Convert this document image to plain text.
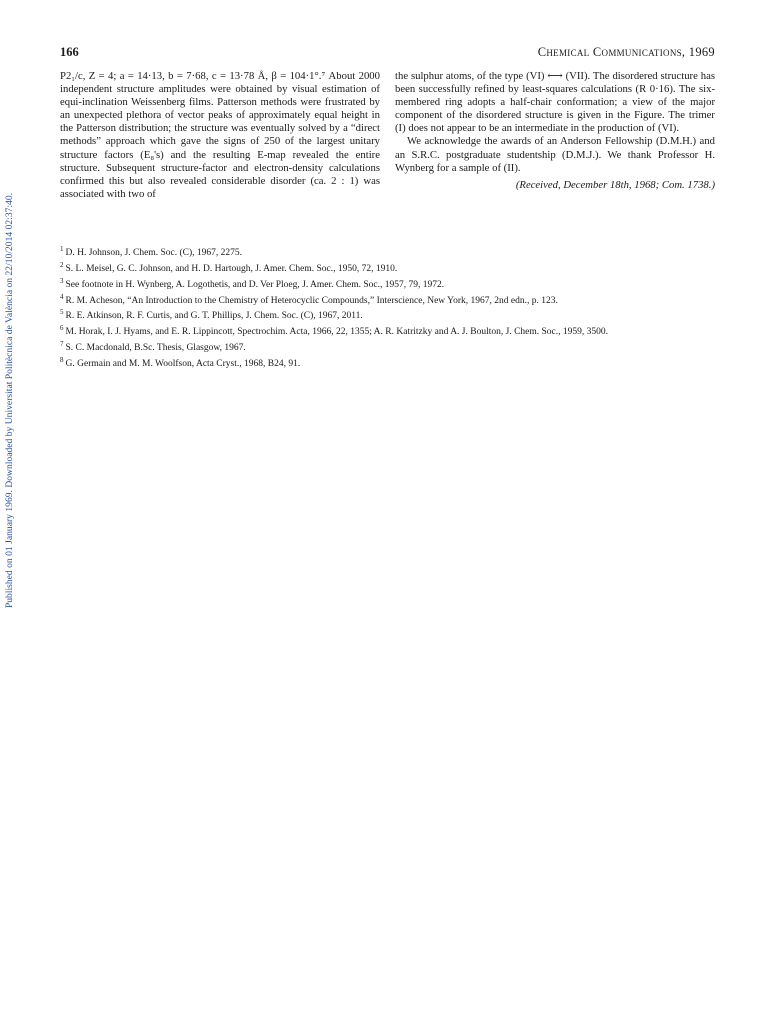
Published on 01 January 1969. Downloaded by Universitat Politècnica de València on 22/10/2014 02:37:40.
166	Chemical Communications, 1969

P2₁/c, Z = 4; a = 14·13, b = 7·68, c = 13·78 Å, β = 104·1°.⁷ About 2000 independent structure amplitudes were obtained by visual estimation of equi-inclination Weissenberg films. Patterson methods were frustrated by an unexpected plethora of vector peaks of approximately equal height in the Patterson distribution; the structure was eventually solved by a “direct methods” approach which gave the signs of 250 of the largest unitary structure factors (E₈'s) and the resulting E-map revealed the entire structure. Subsequent structure-factor and electron-density calculations confirmed this but also revealed considerable disorder (ca. 2 : 1) was associated with two of

the sulphur atoms, of the type (VI) ⟷ (VII). The disordered structure has been successfully refined by least-squares calculations (R 0·16). The six-membered ring adopts a half-chair conformation; a view of the major component of the disordered structure is given in the Figure. The trimer (I) does not appear to be an intermediate in the production of (VI).

We acknowledge the awards of an Anderson Fellowship (D.M.H.) and an S.R.C. postgraduate studentship (D.M.J.). We thank Professor H. Wynberg for a sample of (II).

(Received, December 18th, 1968; Com. 1738.)
$^1$ D. H. Johnson, J. Chem. Soc. (C), 1967, 2275.
$^2$ S. L. Meisel, G. C. Johnson, and H. D. Hartough, J. Amer. Chem. Soc., 1950, 72, 1910.
$^3$ See footnote in H. Wynberg, A. Logothetis, and D. Ver Ploeg, J. Amer. Chem. Soc., 1957, 79, 1972.
$^4$ R. M. Acheson, “An Introduction to the Chemistry of Heterocyclic Compounds,” Interscience, New York, 1967, 2nd edn., p. 123.
$^5$ R. E. Atkinson, R. F. Curtis, and G. T. Phillips, J. Chem. Soc. (C), 1967, 2011.
$^6$ M. Horak, I. J. Hyams, and E. R. Lippincott, Spectrochim. Acta, 1966, 22, 1355; A. R. Katritzky and A. J. Boulton, J. Chem. Soc., 1959, 3500.
$^7$ S. C. Macdonald, B.Sc. Thesis, Glasgow, 1967.
$^8$ G. Germain and M. M. Woolfson, Acta Cryst., 1968, B24, 91.
